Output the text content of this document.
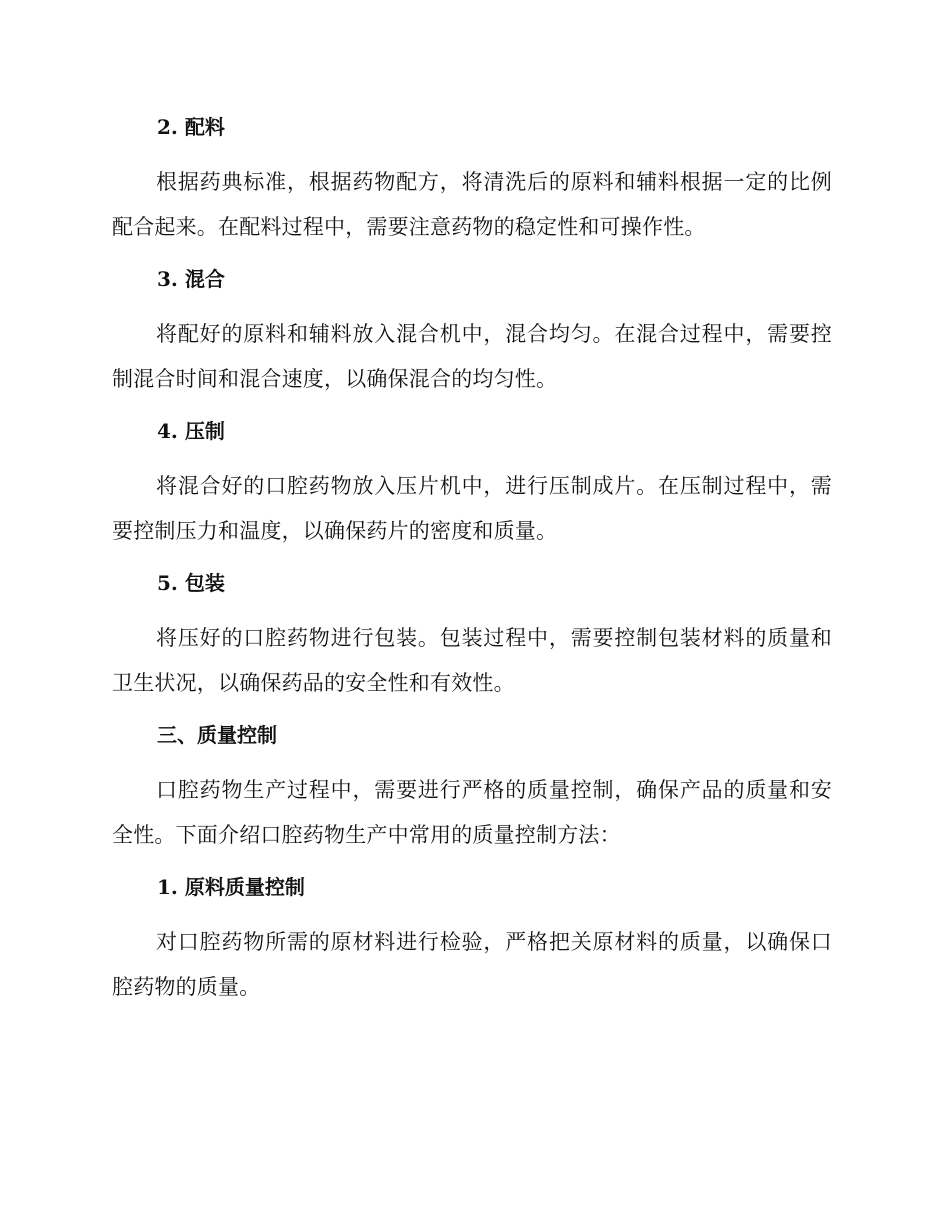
2. 配料
根据药典标准，根据药物配方，将清洗后的原料和辅料根据一定的比例配合起来。在配料过程中，需要注意药物的稳定性和可操作性。
3. 混合
将配好的原料和辅料放入混合机中，混合均匀。在混合过程中，需要控制混合时间和混合速度，以确保混合的均匀性。
4. 压制
将混合好的口腔药物放入压片机中，进行压制成片。在压制过程中，需要控制压力和温度，以确保药片的密度和质量。
5. 包装
将压好的口腔药物进行包装。包装过程中，需要控制包装材料的质量和卫生状况，以确保药品的安全性和有效性。
三、质量控制
口腔药物生产过程中，需要进行严格的质量控制，确保产品的质量和安全性。下面介绍口腔药物生产中常用的质量控制方法：
1. 原料质量控制
对口腔药物所需的原材料进行检验，严格把关原材料的质量，以确保口腔药物的质量。
